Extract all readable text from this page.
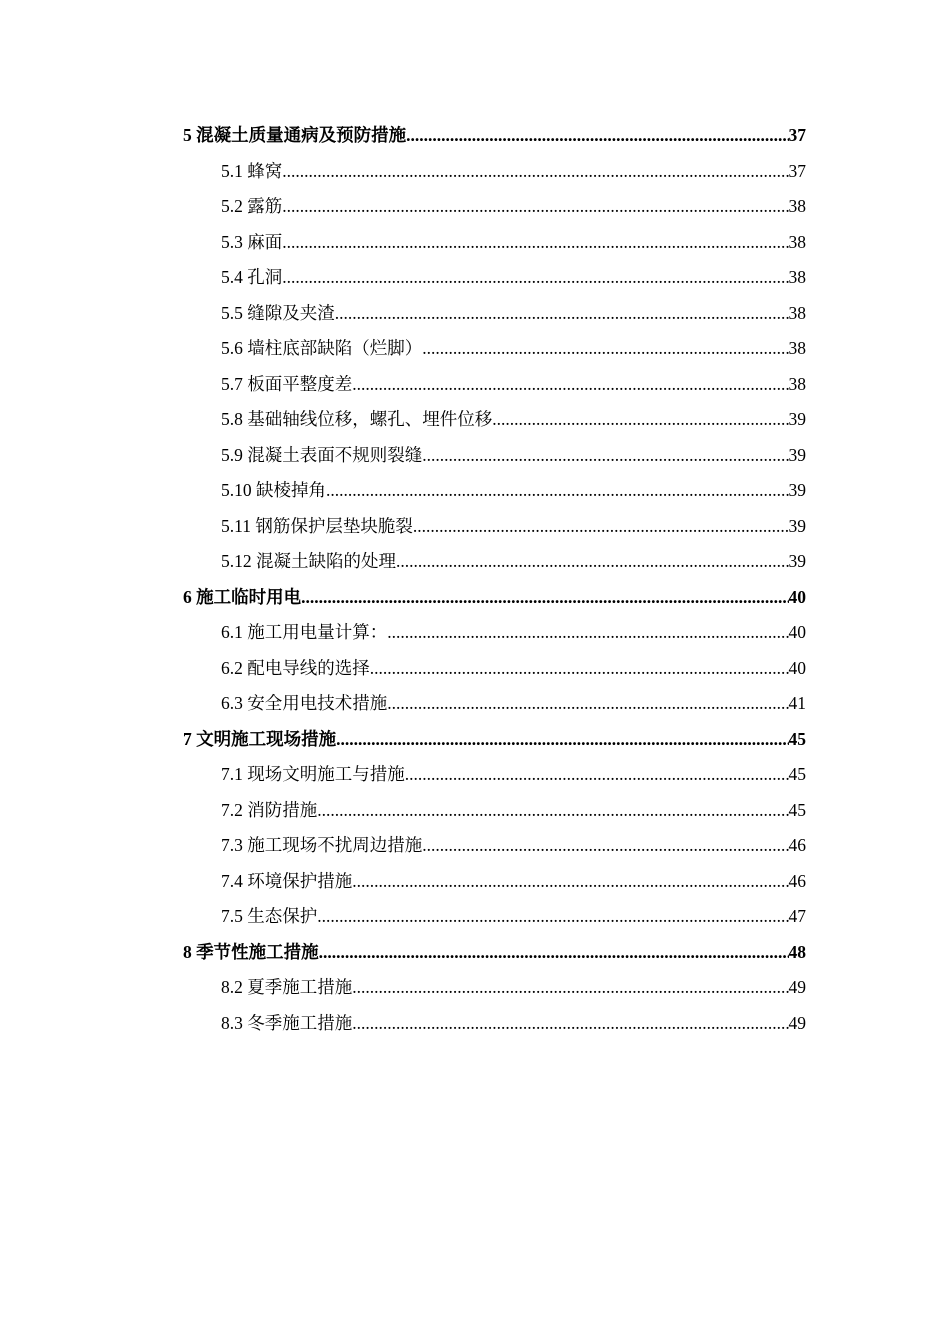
5 混凝土质量通病及预防措施 .....	37
5.1 蜂窝 .....	37
5.2 露筋 .....	38
5.3 麻面 .....	38
5.4 孔洞 .....	38
5.5 缝隙及夹渣 .....	38
5.6 墙柱底部缺陷（烂脚） .....	38
5.7 板面平整度差 .....	38
5.8 基础轴线位移，螺孔、埋件位移 .....	39
5.9 混凝土表面不规则裂缝 .....	39
5.10 缺棱掉角 .....	39
5.11 钢筋保护层垫块脆裂 .....	39
5.12 混凝土缺陷的处理 .....	39
6 施工临时用电 .....	40
6.1 施工用电量计算： .....	40
6.2 配电导线的选择 .....	40
6.3 安全用电技术措施 .....	41
7 文明施工现场措施 .....	45
7.1 现场文明施工与措施 .....	45
7.2 消防措施 .....	45
7.3 施工现场不扰周边措施 .....	46
7.4 环境保护措施 .....	46
7.5 生态保护 .....	47
8 季节性施工措施 .....	48
8.2 夏季施工措施 .....	49
8.3 冬季施工措施 .....	49
